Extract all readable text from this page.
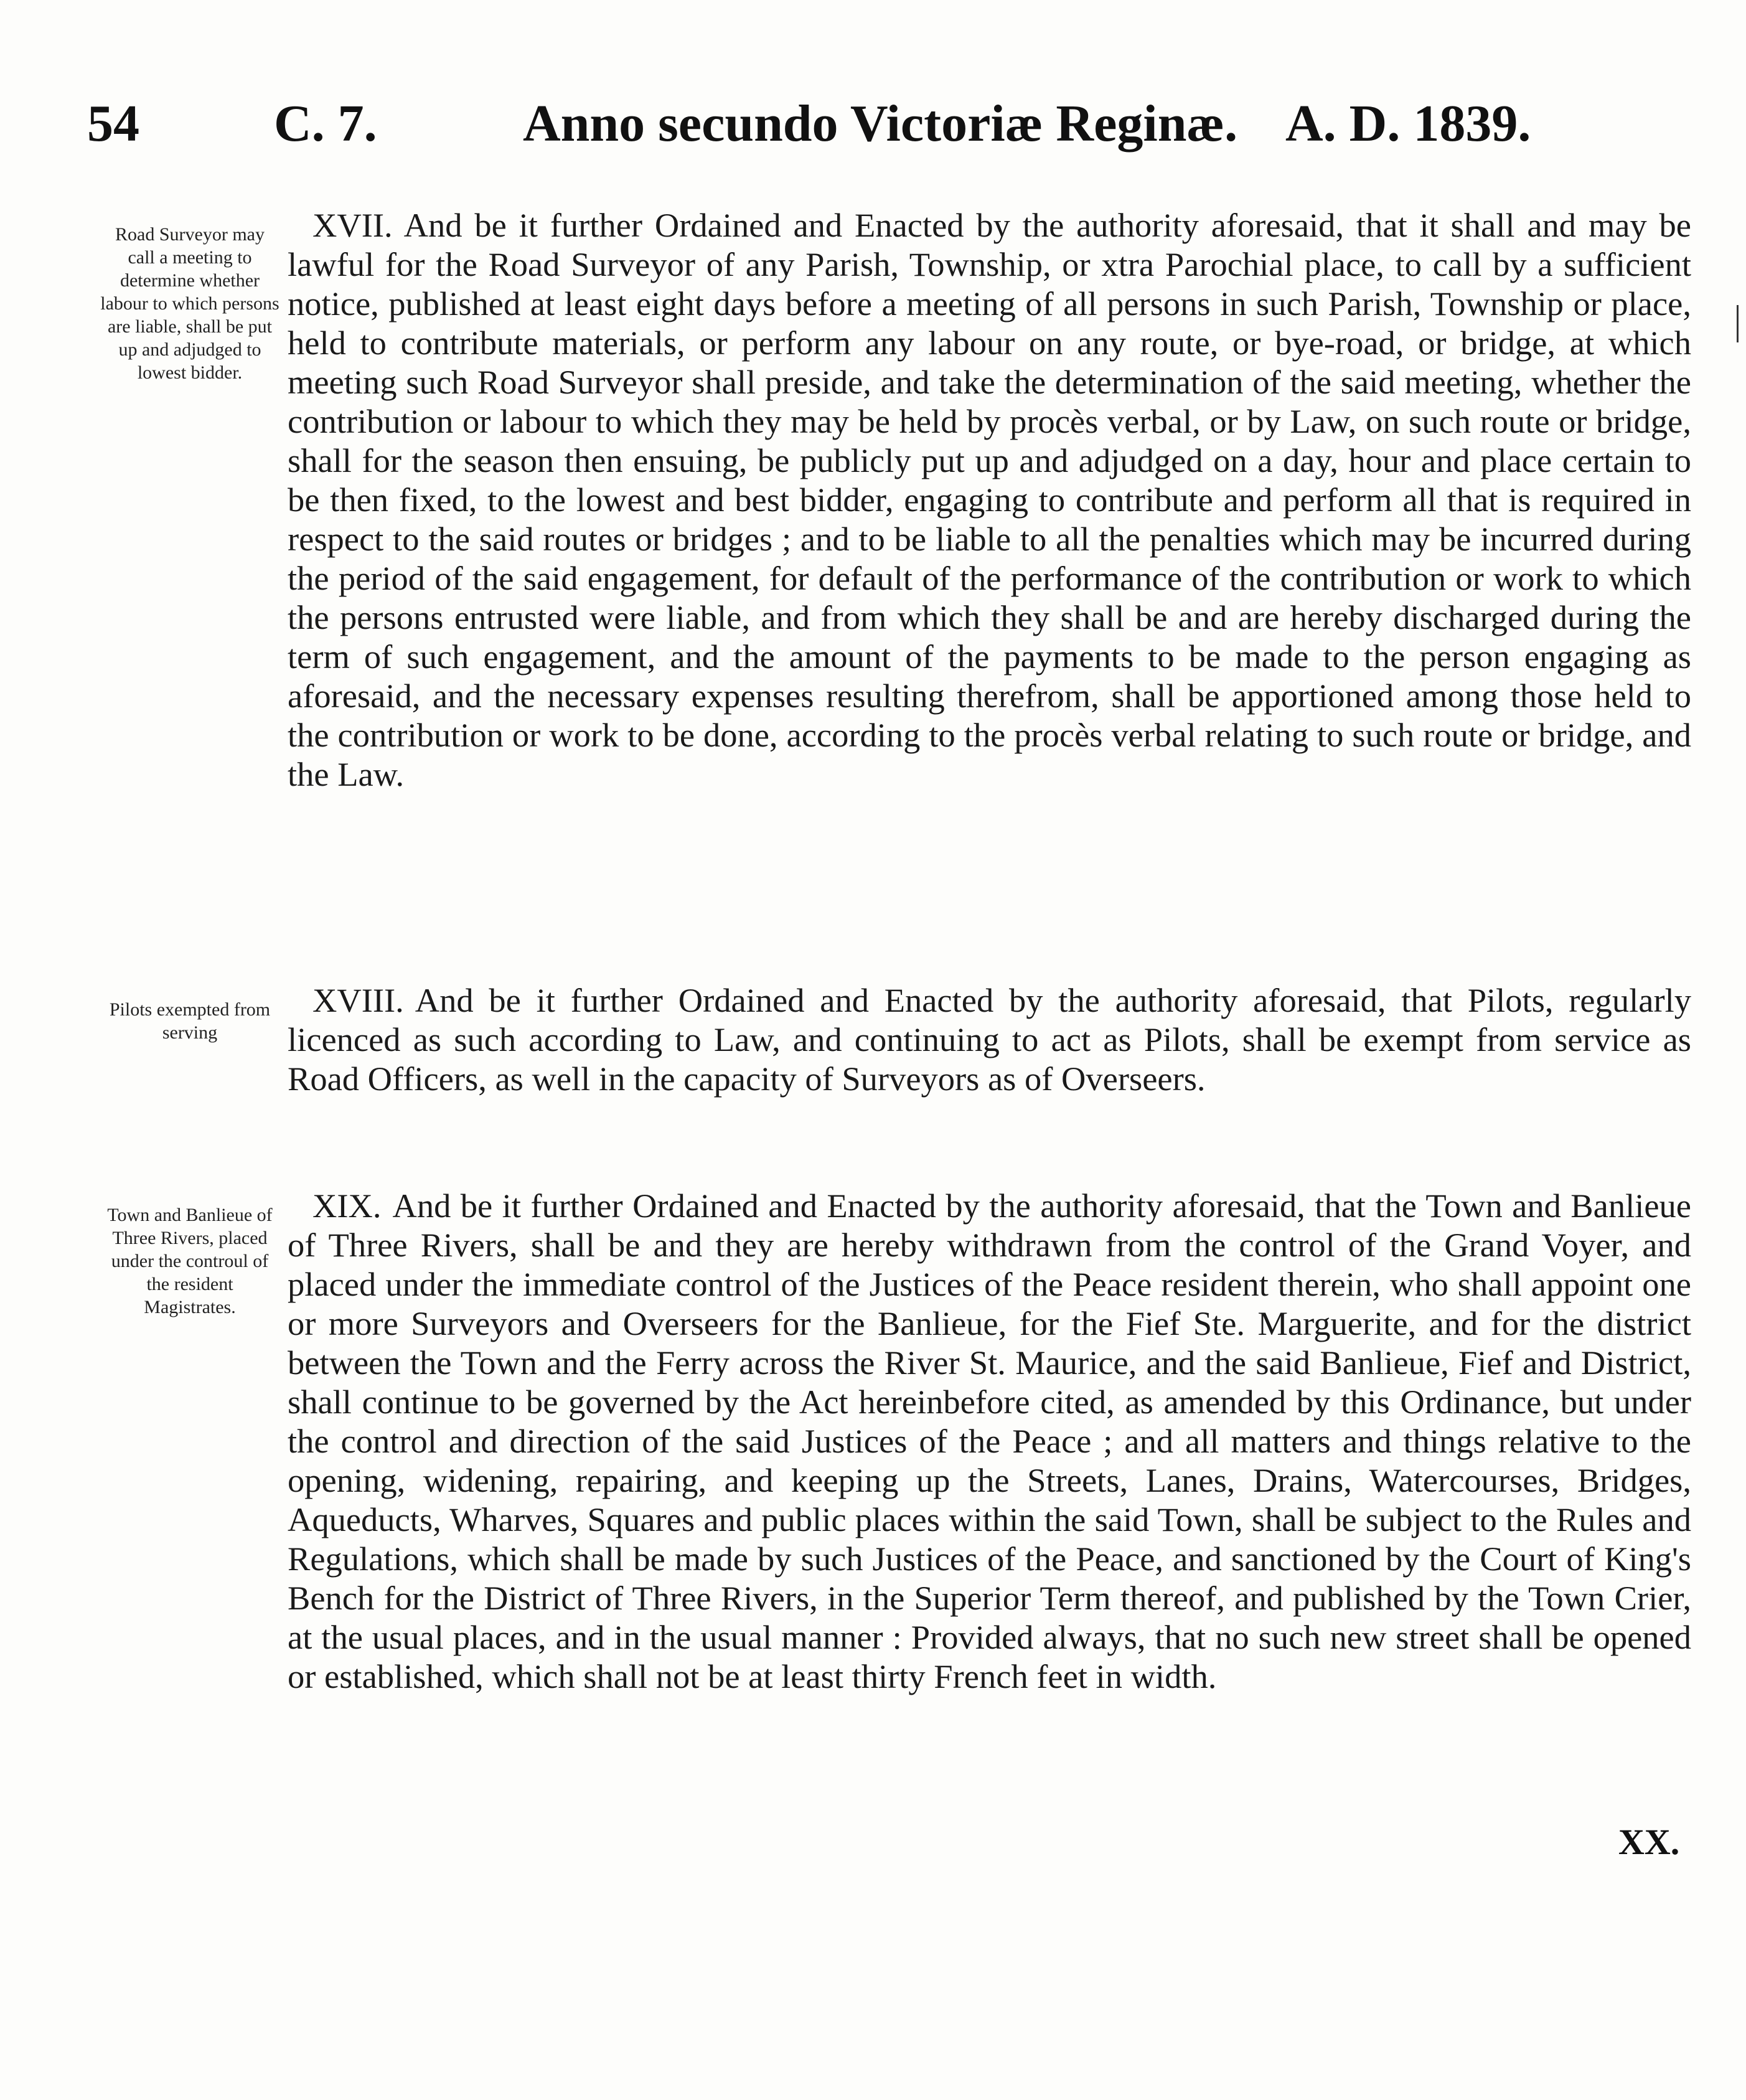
54	C. 7.	Anno secundo Victoriæ Reginæ. A. D. 1839.
Road Surveyor may call a meeting to determine whether labour to which persons are liable, shall be put up and adjudged to lowest bidder.
XVII. And be it further Ordained and Enacted by the authority aforesaid, that it shall and may be lawful for the Road Surveyor of any Parish, Township, or xtra Parochial place, to call by a sufficient notice, published at least eight days before a meeting of all persons in such Parish, Township or place, held to contribute materials, or perform any labour on any route, or bye-road, or bridge, at which meeting such Road Surveyor shall preside, and take the determination of the said meeting, whether the contribution or labour to which they may be held by procès verbal, or by Law, on such route or bridge, shall for the season then ensuing, be publicly put up and adjudged on a day, hour and place certain to be then fixed, to the lowest and best bidder, engaging to contribute and perform all that is required in respect to the said routes or bridges ; and to be liable to all the penalties which may be incurred during the period of the said engagement, for default of the performance of the contribution or work to which the persons entrusted were liable, and from which they shall be and are hereby discharged during the term of such engagement, and the amount of the payments to be made to the person engaging as aforesaid, and the necessary expenses resulting therefrom, shall be apportioned among those held to the contribution or work to be done, according to the procès verbal relating to such route or bridge, and the Law.
Pilots exempted from serving
XVIII. And be it further Ordained and Enacted by the authority aforesaid, that Pilots, regularly licenced as such according to Law, and continuing to act as Pilots, shall be exempt from service as Road Officers, as well in the capacity of Surveyors as of Overseers.
Town and Banlieue of Three Rivers, placed under the controul of the resident Magistrates.
XIX. And be it further Ordained and Enacted by the authority aforesaid, that the Town and Banlieue of Three Rivers, shall be and they are hereby withdrawn from the control of the Grand Voyer, and placed under the immediate control of the Justices of the Peace resident therein, who shall appoint one or more Surveyors and Overseers for the Banlieue, for the Fief Ste. Marguerite, and for the district between the Town and the Ferry across the River St. Maurice, and the said Banlieue, Fief and District, shall continue to be governed by the Act hereinbefore cited, as amended by this Ordinance, but under the control and direction of the said Justices of the Peace ; and all matters and things relative to the opening, widening, repairing, and keeping up the Streets, Lanes, Drains, Watercourses, Bridges, Aqueducts, Wharves, Squares and public places within the said Town, shall be subject to the Rules and Regulations, which shall be made by such Justices of the Peace, and sanctioned by the Court of King's Bench for the District of Three Rivers, in the Superior Term thereof, and published by the Town Crier, at the usual places, and in the usual manner : Provided always, that no such new street shall be opened or established, which shall not be at least thirty French feet in width.
XX.
